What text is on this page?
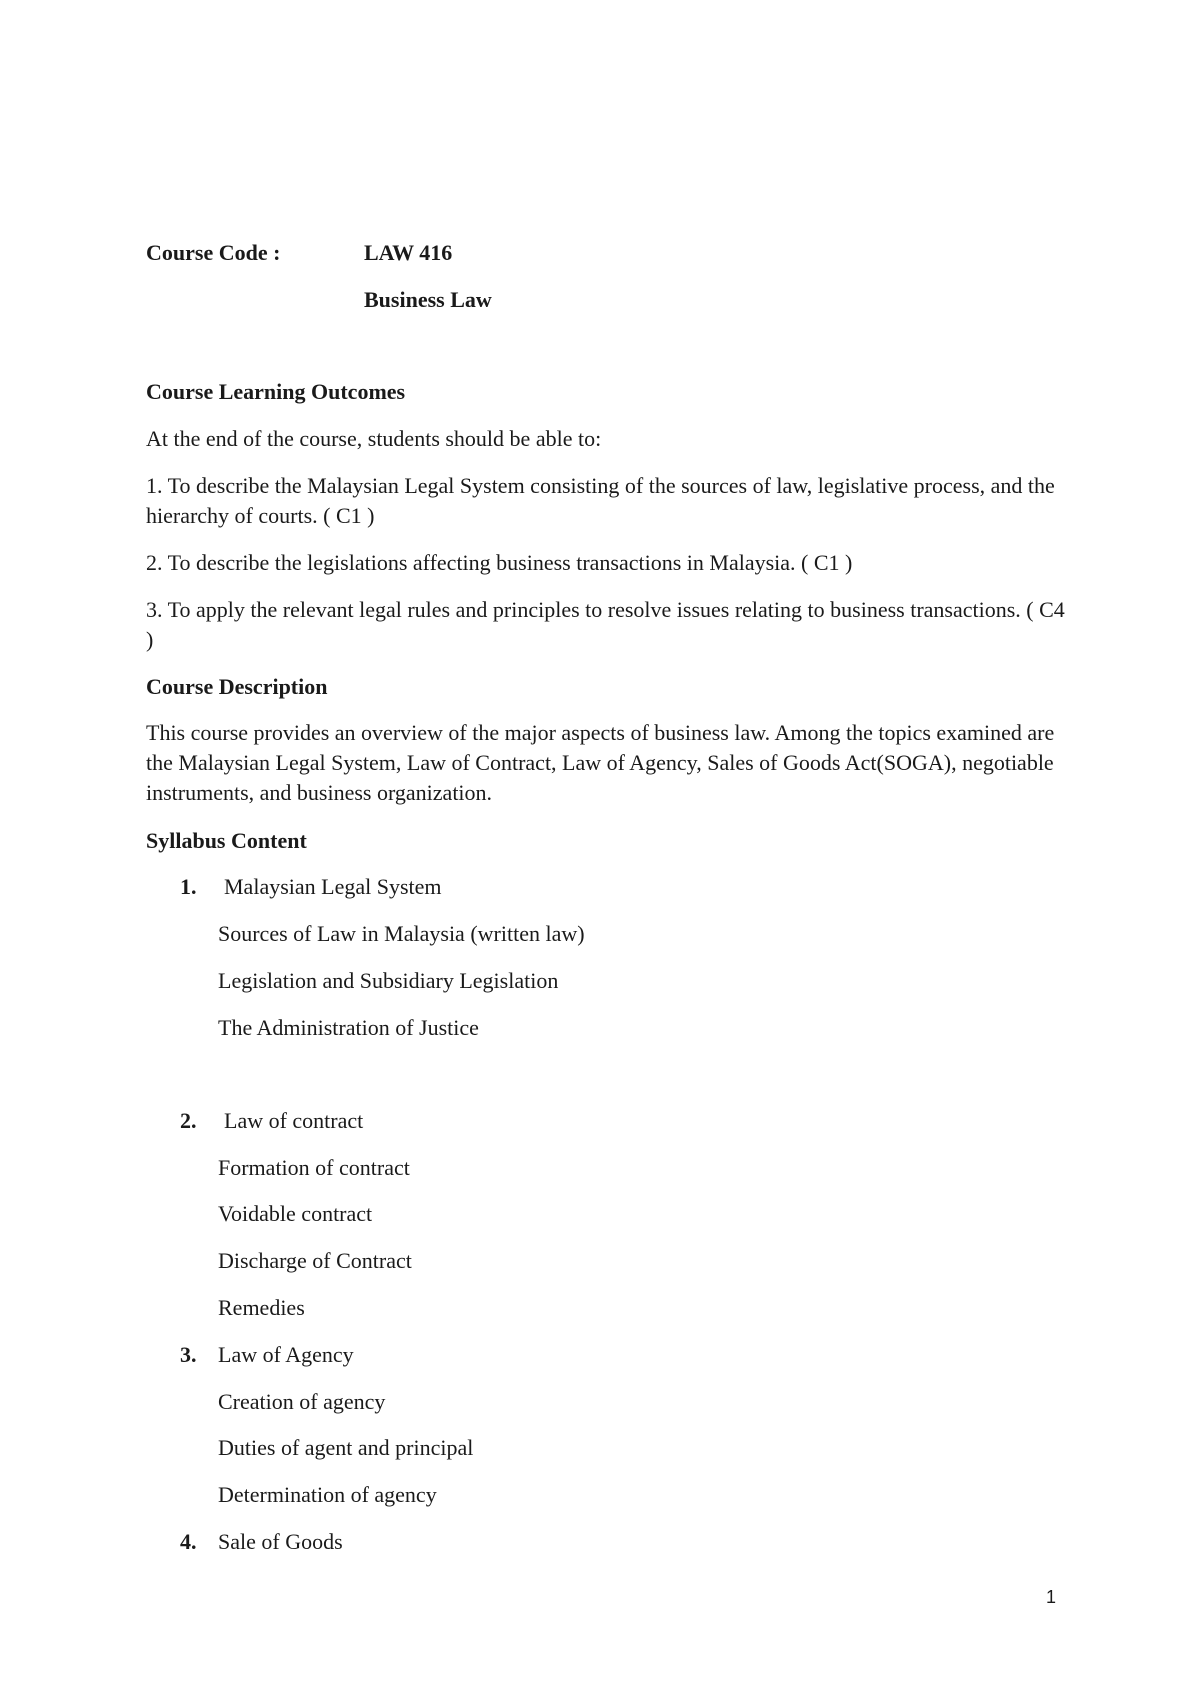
Course Code :	LAW 416
Business Law
Course Learning Outcomes
At the end of the course, students should be able to:
1. To describe the Malaysian Legal System consisting of the sources of law, legislative process, and the hierarchy of courts. ( C1 )
2. To describe the legislations affecting business transactions in Malaysia. ( C1 )
3. To apply the relevant legal rules and principles to resolve issues relating to business transactions. ( C4 )
Course Description
This course provides an overview of the major aspects of business law. Among the topics examined are the Malaysian Legal System, Law of Contract, Law of Agency, Sales of Goods Act(SOGA), negotiable instruments, and business organization.
Syllabus Content
1. Malaysian Legal System
Sources of Law in Malaysia (written law)
Legislation and Subsidiary Legislation
The Administration of Justice
2. Law of contract
Formation of contract
Voidable contract
Discharge of Contract
Remedies
3. Law of Agency
Creation of agency
Duties of agent and principal
Determination of agency
4. Sale of Goods
1
